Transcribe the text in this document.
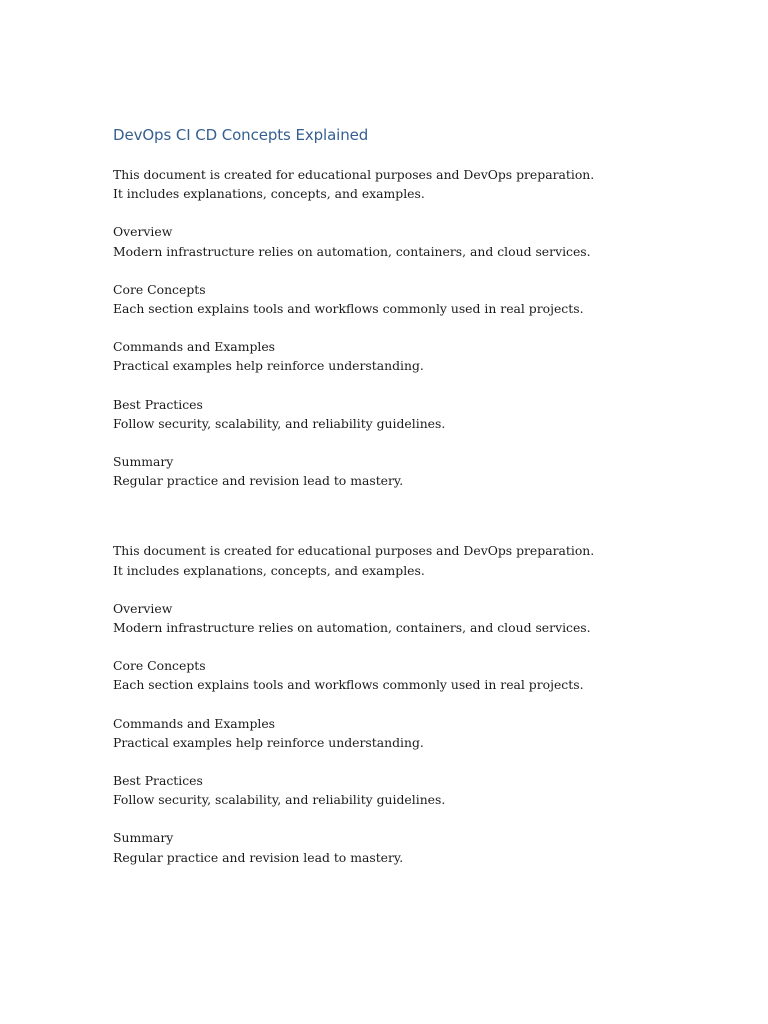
DevOps CI CD Concepts Explained

This document is created for educational purposes and DevOps preparation.

It includes explanations, concepts, and examples.

Overview

Modern infrastructure relies on automation, containers, and cloud services.

Core Concepts

Each section explains tools and workflows commonly used in real projects.

Commands and Examples

Practical examples help reinforce understanding.

Best Practices

Follow security, scalability, and reliability guidelines.

Summary

Regular practice and revision lead to mastery.

This document is created for educational purposes and DevOps preparation.

It includes explanations, concepts, and examples.

Overview

Modern infrastructure relies on automation, containers, and cloud services.

Core Concepts

Each section explains tools and workflows commonly used in real projects.

Commands and Examples

Practical examples help reinforce understanding.

Best Practices

Follow security, scalability, and reliability guidelines.

Summary

Regular practice and revision lead to mastery.
